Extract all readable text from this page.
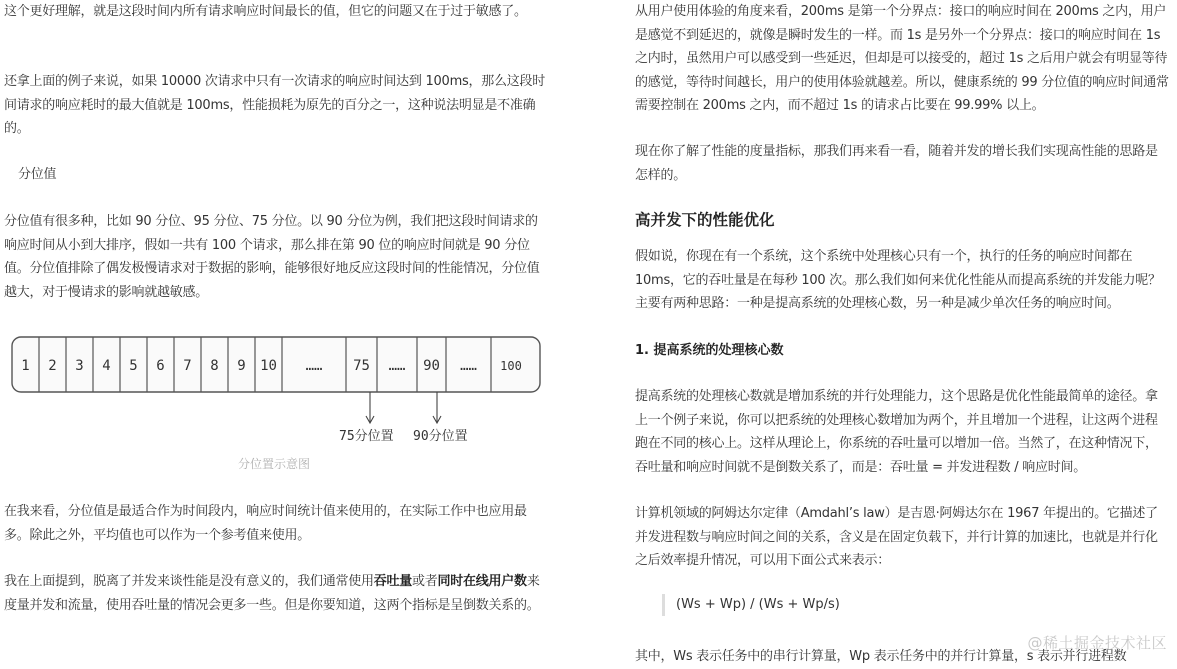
这个更好理解，就是这段时间内所有请求响应时间最长的值，但它的问题又在于过于敏感了。

还拿上面的例子来说，如果 10000 次请求中只有一次请求的响应时间达到 100ms，那么这段时间请求的响应耗时的最大值就是 100ms，性能损耗为原先的百分之一，这种说法明显是不准确的。

分位值

分位值有很多种，比如 90 分位、95 分位、75 分位。以 90 分位为例，我们把这段时间请求的响应时间从小到大排序，假如一共有 100 个请求，那么排在第 90 位的响应时间就是 90 分位值。分位值排除了偶发极慢请求对于数据的影响，能够很好地反应这段时间的性能情况，分位值越大，对于慢请求的影响就越敏感。

1 2 3 4 5 6 7 8 9 10 …… 75 …… 90 …… 100
75分位置 90分位置
分位置示意图

在我来看，分位值是最适合作为时间段内，响应时间统计值来使用的，在实际工作中也应用最多。除此之外，平均值也可以作为一个参考值来使用。

我在上面提到，脱离了并发来谈性能是没有意义的，我们通常使用吞吐量或者同时在线用户数来度量并发和流量，使用吞吐量的情况会更多一些。但是你要知道，这两个指标是呈倒数关系的。

从用户使用体验的角度来看，200ms 是第一个分界点：接口的响应时间在 200ms 之内，用户是感觉不到延迟的，就像是瞬时发生的一样。而 1s 是另外一个分界点：接口的响应时间在 1s 之内时，虽然用户可以感受到一些延迟，但却是可以接受的，超过 1s 之后用户就会有明显等待的感觉，等待时间越长，用户的使用体验就越差。所以，健康系统的 99 分位值的响应时间通常需要控制在 200ms 之内，而不超过 1s 的请求占比要在 99.99% 以上。

现在你了解了性能的度量指标，那我们再来看一看，随着并发的增长我们实现高性能的思路是怎样的。

高并发下的性能优化

假如说，你现在有一个系统，这个系统中处理核心只有一个，执行的任务的响应时间都在 10ms，它的吞吐量是在每秒 100 次。那么我们如何来优化性能从而提高系统的并发能力呢？主要有两种思路：一种是提高系统的处理核心数，另一种是减少单次任务的响应时间。

1. 提高系统的处理核心数

提高系统的处理核心数就是增加系统的并行处理能力，这个思路是优化性能最简单的途径。拿上一个例子来说，你可以把系统的处理核心数增加为两个，并且增加一个进程，让这两个进程跑在不同的核心上。这样从理论上，你系统的吞吐量可以增加一倍。当然了，在这种情况下，吞吐量和响应时间就不是倒数关系了，而是：吞吐量 = 并发进程数 / 响应时间。

计算机领域的阿姆达尔定律（Amdahl’s law）是吉恩·阿姆达尔在 1967 年提出的。它描述了并发进程数与响应时间之间的关系，含义是在固定负载下，并行计算的加速比，也就是并行化之后效率提升情况，可以用下面公式来表示：

(Ws + Wp) / (Ws + Wp/s)

其中，Ws 表示任务中的串行计算量，Wp 表示任务中的并行计算量，s 表示并行进程数

@稀土掘金技术社区
